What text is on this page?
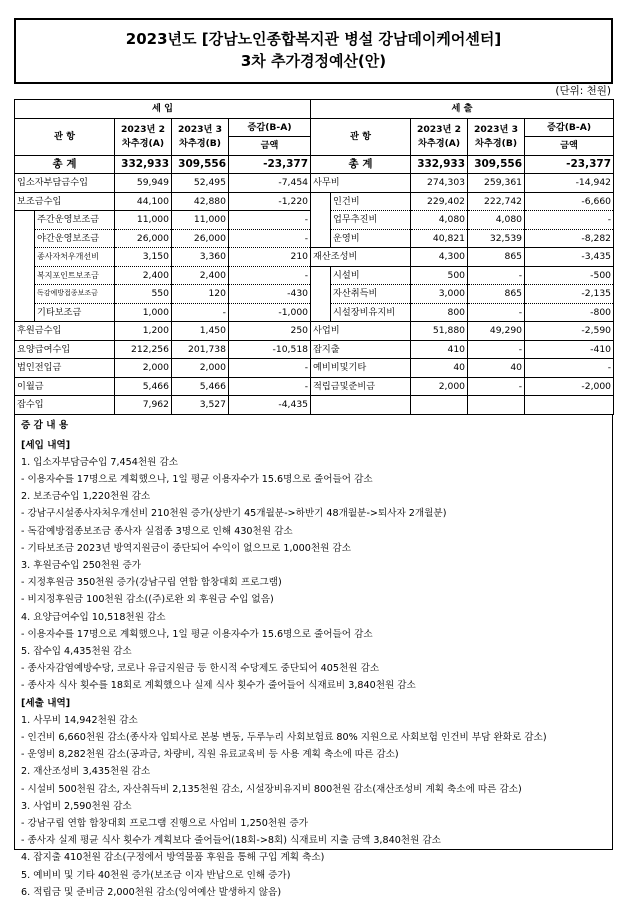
2023년도 [강남노인종합복지관 병설 강남데이케어센터]
3차 추가경정예산(안)
(단위: 천원)
세 입					세 출				
관 항		2023년 2차추경(A)	2023년 3차추경(B)	증감(B-A)	관 항		2023년 2차추경(A)	2023년 3차추경(B)	증감(B-A)
				금액					금액
총 계		332,933	309,556	-23,377	총 계		332,933	309,556	-23,377
입소자부담금수입		59,949	52,495	-7,454	사무비		274,303	259,361	-14,942
보조금수입		44,100	42,880	-1,220		인건비	229,402	222,742	-6,660
	주간운영보조금	11,000	11,000	-		업무추진비	4,080	4,080	-
	야간운영보조금	26,000	26,000	-		운영비	40,821	32,539	-8,282
	종사자처우개선비	3,150	3,360	210	재산조성비		4,300	865	-3,435
	복지포인트보조금	2,400	2,400	-		시설비	500	-	-500
	독감예방접종보조금	550	120	-430		자산취득비	3,000	865	-2,135
	기타보조금	1,000	-	-1,000		시설장비유지비	800	-	-800
후원금수입		1,200	1,450	250	사업비		51,880	49,290	-2,590
요양급여수입		212,256	201,738	-10,518	잡지출		410	-	-410
법인전입금		2,000	2,000	-	예비비및기타		40	40	-
이월금		5,466	5,466	-	적립금및준비금		2,000	-	-2,000
잡수입		7,962	3,527	-4,435					
증 감 내 용
[세입 내역]
1. 입소자부담금수입 7,454천원 감소
- 이용자수를 17명으로 계획했으나, 1일 평균 이용자수가 15.6명으로 줄어들어 감소
2. 보조금수입 1,220천원 감소
- 강남구시설종사자처우개선비 210천원 증가(상반기 45개월분->하반기 48개월분->퇴사자 2개월분)
- 독감예방접종보조금 종사자 실접종 3명으로 인해 430천원 감소
- 기타보조금 2023년 방역지원금이 중단되어 수익이 없으므로 1,000천원 감소
3. 후원금수입 250천원 증가
- 지정후원금 350천원 증가(강남구립 연합 합창대회 프로그램)
- 비지정후원금 100천원 감소((주)로완 외 후원금 수입 없음)
4. 요양급여수입 10,518천원 감소
- 이용자수를 17명으로 계획했으나, 1일 평균 이용자수가 15.6명으로 줄어들어 감소
5. 잡수입 4,435천원 감소
- 종사자감염예방수당, 코로나 유급지원금 등 한시적 수당제도 중단되어 405천원 감소
- 종사자 식사 횟수를 18회로 계획했으나 실제 식사 횟수가 줄어들어 식재료비 3,840천원 감소
[세출 내역]
1. 사무비 14,942천원 감소
- 인건비 6,660천원 감소(종사자 입퇴사로 본봉 변동, 두루누리 사회보험료 80% 지원으로 사회보험 인건비 부담 완화로 감소)
- 운영비 8,282천원 감소(공과금, 차량비, 직원 유료교육비 등 사용 계획 축소에 따른 감소)
2. 재산조성비 3,435천원 감소
- 시설비 500천원 감소, 자산취득비 2,135천원 감소, 시설장비유지비 800천원 감소(재산조성비 계획 축소에 따른 감소)
3. 사업비 2,590천원 감소
- 강남구립 연합 합창대회 프로그램 진행으로 사업비 1,250천원 증가
- 종사자 실제 평균 식사 횟수가 계획보다 줄어들어(18회->8회) 식재료비 지출 금액 3,840천원 감소
4. 잡지출 410천원 감소(구정에서 방역물품 후원을 통해 구입 계획 축소)
5. 예비비 및 기타 40천원 증가(보조금 이자 반납으로 인해 증가)
6. 적립금 및 준비금 2,000천원 감소(잉여예산 발생하지 않음)
